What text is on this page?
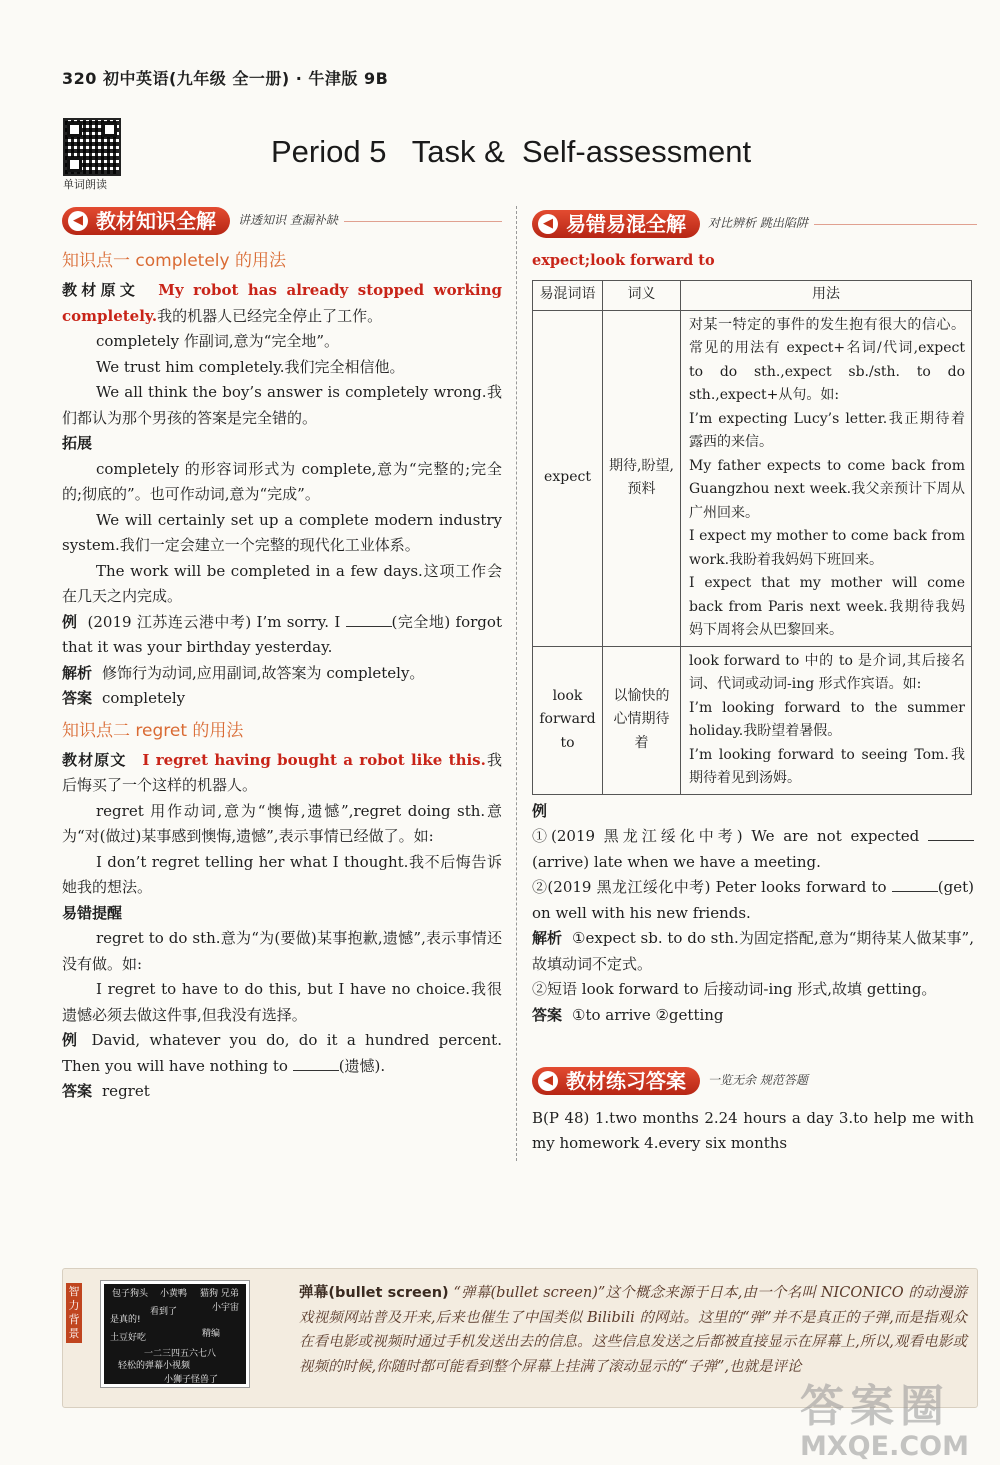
320 初中英语(九年级 全一册) · 牛津版 9B
单词朗读
Period 5   Task &  Self-assessment
◀ 教材知识全解	讲透知识 查漏补缺
知识点一 completely 的用法

教材原文 My robot has already stopped working completely.我的机器人已经完全停止了工作。

completely 作副词,意为“完全地”。

We trust him completely.我们完全相信他。

We all think the boy’s answer is completely wrong.我们都认为那个男孩的答案是完全错的。

拓展

completely 的形容词形式为 complete,意为“完整的;完全的;彻底的”。也可作动词,意为“完成”。

We will certainly set up a complete modern industry system.我们一定会建立一个完整的现代化工业体系。

The work will be completed in a few days.这项工作会在几天之内完成。

例 (2019 江苏连云港中考) I’m sorry. I	(完全地) forgot that it was your birthday yesterday.

解析 修饰行为动词,应用副词,故答案为 completely。

答案 completely

知识点二 regret 的用法

教材原文 I regret having bought a robot like this.我后悔买了一个这样的机器人。

regret 用作动词,意为“懊悔,遗憾”,regret doing sth.意为“对(做过)某事感到懊悔,遗憾”,表示事情已经做了。如:

I don’t regret telling her what I thought.我不后悔告诉她我的想法。

易错提醒

regret to do sth.意为“为(要做)某事抱歉,遗憾”,表示事情还没有做。如:

I regret to have to do this, but I have no choice.我很遗憾必须去做这件事,但我没有选择。

例 David, whatever you do, do it a hundred percent. Then you will have nothing to	(遗憾).

答案 regret

◀ 易错易混全解	对比辨析 跳出陷阱

expect;look forward to

易混词语	词义	用法
expect	期待,盼望,预料	对某一特定的事件的发生抱有很大的信心。常见的用法有 expect+名词/代词,expect to do sth.,expect sb./sth. to do sth.,expect+从句。如:
I’m expecting Lucy’s letter.我正期待着露西的来信。
My father expects to come back from Guangzhou next week.我父亲预计下周从广州回来。
I expect my mother to come back from work.我盼着我妈妈下班回来。
I expect that my mother will come back from Paris next week.我期待我妈妈下周将会从巴黎回来。

look forward to	以愉快的心情期待着	look forward to 中的 to 是介词,其后接名词、代词或动词-ing 形式作宾语。如:
I’m looking forward to the summer holiday.我盼望着暑假。
I’m looking forward to seeing Tom.我期待着见到汤姆。

例

①(2019 黑龙江绥化中考) We are not expected  (arrive) late when we have a meeting.

②(2019 黑龙江绥化中考) Peter looks forward to	(get) on well with his new friends.

解析 ①expect sb. to do sth.为固定搭配,意为“期待某人做某事”,故填动词不定式。

②短语 look forward to 后接动词-ing 形式,故填 getting。

答案 ①to arrive ②getting

◀ 教材练习答案	一览无余 规范答题

B(P 48) 1.two months 2.24 hours a day 3.to help me with my homework 4.every six months

智力背景
包子狗头 小黄鸭 猫狗 兄弟
小宇宙
看到了
是真的!
土豆好吃	精编
一二三四五六七八
轻松的弹幕小视频
小狮子怪兽了
弹幕(bullet screen) “弹幕(bullet screen)”这个概念来源于日本,由一个名叫 NICONICO 的动漫游戏视频网站普及开来,后来也催生了中国类似 Bilibili 的网站。这里的“弹”并不是真正的子弹,而是指观众在看电影或视频时通过手机发送出去的信息。这些信息发送之后都被直接显示在屏幕上,所以,观看电影或视频的时候,你随时都可能看到整个屏幕上挂满了滚动显示的“子弹”,也就是评论
答案圈
MXQE.COM
